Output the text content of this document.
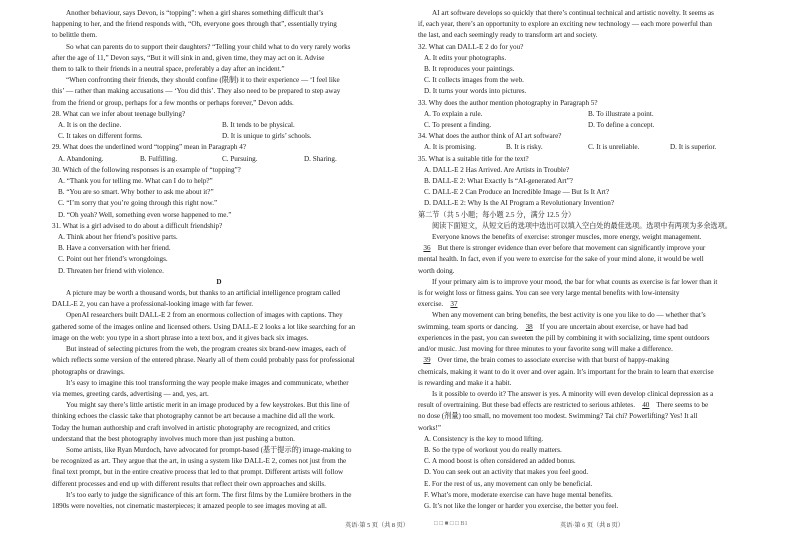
Another behaviour, says Devon, is “topping”: when a girl shares something difficult that’s
happening to her, and the friend responds with, “Oh, everyone goes through that”, essentially trying
to belittle them.
So what can parents do to support their daughters? “Telling your child what to do very rarely works
after the age of 11,” Devon says, “But it will sink in and, given time, they may act on it. Advise
them to talk to their friends in a neutral space, preferably a day after an incident.”
“When confronting their friends, they should confine (限制) it to their experience — ‘I feel like
this’ — rather than making accusations — ‘You did this’. They also need to be prepared to step away
from the friend or group, perhaps for a few months or perhaps forever,” Devon adds.
28. What can we infer about teenage bullying?
A. It is on the decline.	B. It tends to be physical.
C. It takes on different forms.	D. It is unique to girls’ schools.
29. What does the underlined word “topping” mean in Paragraph 4?
A. Abandoning.	B. Fulfilling.	C. Pursuing.	D. Sharing.
30. Which of the following responses is an example of “topping”?
A. “Thank you for telling me. What can I do to help?”
B. “You are so smart. Why bother to ask me about it?”
C. “I’m sorry that you’re going through this right now.”
D. “Oh yeah? Well, something even worse happened to me.”
31. What is a girl advised to do about a difficult friendship?
A. Think about her friend’s positive parts.
B. Have a conversation with her friend.
C. Point out her friend’s wrongdoings.
D. Threaten her friend with violence.
D
A picture may be worth a thousand words, but thanks to an artificial intelligence program called
DALL-E 2, you can have a professional-looking image with far fewer.
OpenAI researchers built DALL-E 2 from an enormous collection of images with captions. They
gathered some of the images online and licensed others. Using DALL-E 2 looks a lot like searching for an
image on the web: you type in a short phrase into a text box, and it gives back six images.
But instead of selecting pictures from the web, the program creates six brand-new images, each of
which reflects some version of the entered phrase. Nearly all of them could probably pass for professional
photographs or drawings.
It’s easy to imagine this tool transforming the way people make images and communicate, whether
via memes, greeting cards, advertising — and, yes, art.
You might say there’s little artistic merit in an image produced by a few keystrokes. But this line of
thinking echoes the classic take that photography cannot be art because a machine did all the work.
Today the human authorship and craft involved in artistic photography are recognized, and critics
understand that the best photography involves much more than just pushing a button.
Some artists, like Ryan Murdoch, have advocated for prompt-based (基于提示的) image-making to
be recognized as art. They argue that the art, in using a system like DALL-E 2, comes not just from the
final text prompt, but in the entire creative process that led to that prompt. Different artists will follow
different processes and end up with different results that reflect their own approaches and skills.
It’s too early to judge the significance of this art form. The first films by the Lumière brothers in the
1890s were novelties, not cinematic masterpieces; it amazed people to see images moving at all.
AI art software develops so quickly that there’s continual technical and artistic novelty. It seems as
if, each year, there’s an opportunity to explore an exciting new technology — each more powerful than
the last, and each seemingly ready to transform art and society.
32. What can DALL-E 2 do for you?
A. It edits your photographs.
B. It reproduces your paintings.
C. It collects images from the web.
D. It turns your words into pictures.
33. Why does the author mention photography in Paragraph 5?
A. To explain a rule.	B. To illustrate a point.
C. To present a finding.	D. To define a concept.
34. What does the author think of AI art software?
A. It is promising.	B. It is risky.	C. It is unreliable.	D. It is superior.
35. What is a suitable title for the text?
A. DALL-E 2 Has Arrived. Are Artists in Trouble?
B. DALL-E 2: What Exactly Is “AI-generated Art”?
C. DALL-E 2 Can Produce an Incredible Image — But Is It Art?
D. DALL-E 2: Why Is the AI Program a Revolutionary Invention?
第二节（共 5 小题；每小题 2.5 分，满分 12.5 分）
阅读下面短文，从短文后的选项中选出可以填入空白处的最佳选项。选项中有两项为多余选项。
Everyone knows the benefits of exercise: stronger muscles, more energy, weight management.
36 But there is stronger evidence than ever before that movement can significantly improve your
mental health. In fact, even if you were to exercise for the sake of your mind alone, it would be well
worth doing.
If your primary aim is to improve your mood, the bar for what counts as exercise is far lower than it
is for weight loss or fitness gains. You can see very large mental benefits with low-intensity
exercise. 37
When any movement can bring benefits, the best activity is one you like to do — whether that’s
swimming, team sports or dancing. 38 If you are uncertain about exercise, or have had bad
experiences in the past, you can sweeten the pill by combining it with socializing, time spent outdoors
and/or music. Just moving for three minutes to your favorite song will make a difference.
39 Over time, the brain comes to associate exercise with that burst of happy-making
chemicals, making it want to do it over and over again. It’s important for the brain to learn that exercise
is rewarding and make it a habit.
Is it possible to overdo it? The answer is yes. A minority will even develop clinical depression as a
result of overtraining. But these bad effects are restricted to serious athletes. 40 There seems to be
no dose (剂量) too small, no movement too modest. Swimming? Tai chi? Powerlifting? Yes! It all
works!”
A. Consistency is the key to mood lifting.
B. So the type of workout you do really matters.
C. A mood boost is often considered an added bonus.
D. You can seek out an activity that makes you feel good.
E. For the rest of us, any movement can only be beneficial.
F. What’s more, moderate exercise can have huge mental benefits.
G. It’s not like the longer or harder you exercise, the better you feel.
英语·第 5 页（共 8 页）	□ □ ■ □ □ B1	英语·第 6 页（共 8 页）
